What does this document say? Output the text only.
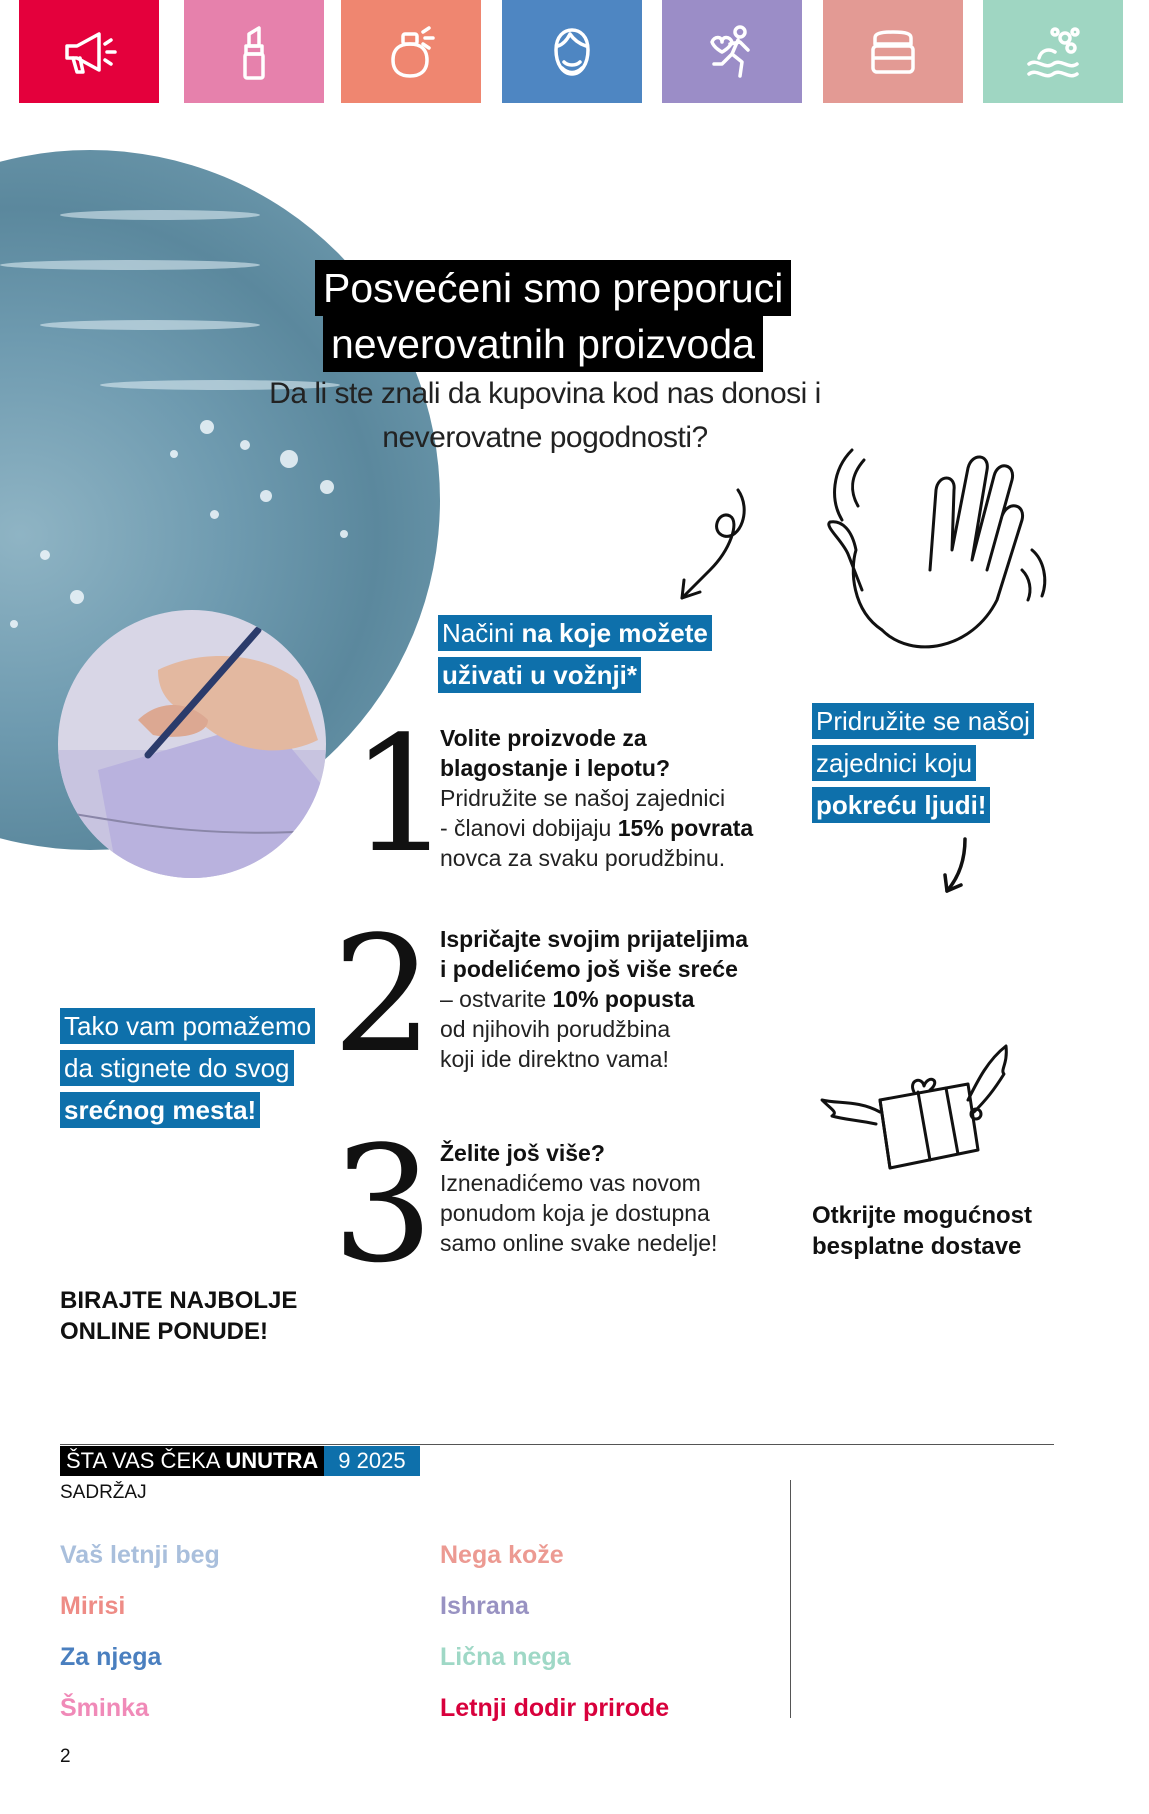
Posvećeni smo preporuci
neverovatnih proizvoda
Da li ste znali da kupovina kod nas donosi i neverovatne pogodnosti?
Načini na koje možete
uživati u vožnji*
Pridružite se našoj
zajednici koju
pokreću ljudi!
Tako vam pomažemo
da stignete do svog
srećnog mesta!
1
Volite proizvode za
blagostanje i lepotu?
Pridružite se našoj zajednici
- članovi dobijaju 15% povrata
novca za svaku porudžbinu.
2 Ispričajte svojim prijateljima
i podelićemo još više sreće
– ostvarite 10% popusta
od njihovih porudžbina
koji ide direktno vama!
3 Želite još više?
Iznenadićemo vas novom
ponudom koja je dostupna
samo online svake nedelje!
Otkrijte mogućnost
besplatne dostave
BIRAJTE NAJBOLJE
ONLINE PONUDE!
ŠTA VAS ČEKA UNUTRA 9 2025
SADRŽAJ
Vaš letnji beg
Mirisi
Za njega
Šminka
Nega kože
Ishrana
Lična nega
Letnji dodir prirode
2
